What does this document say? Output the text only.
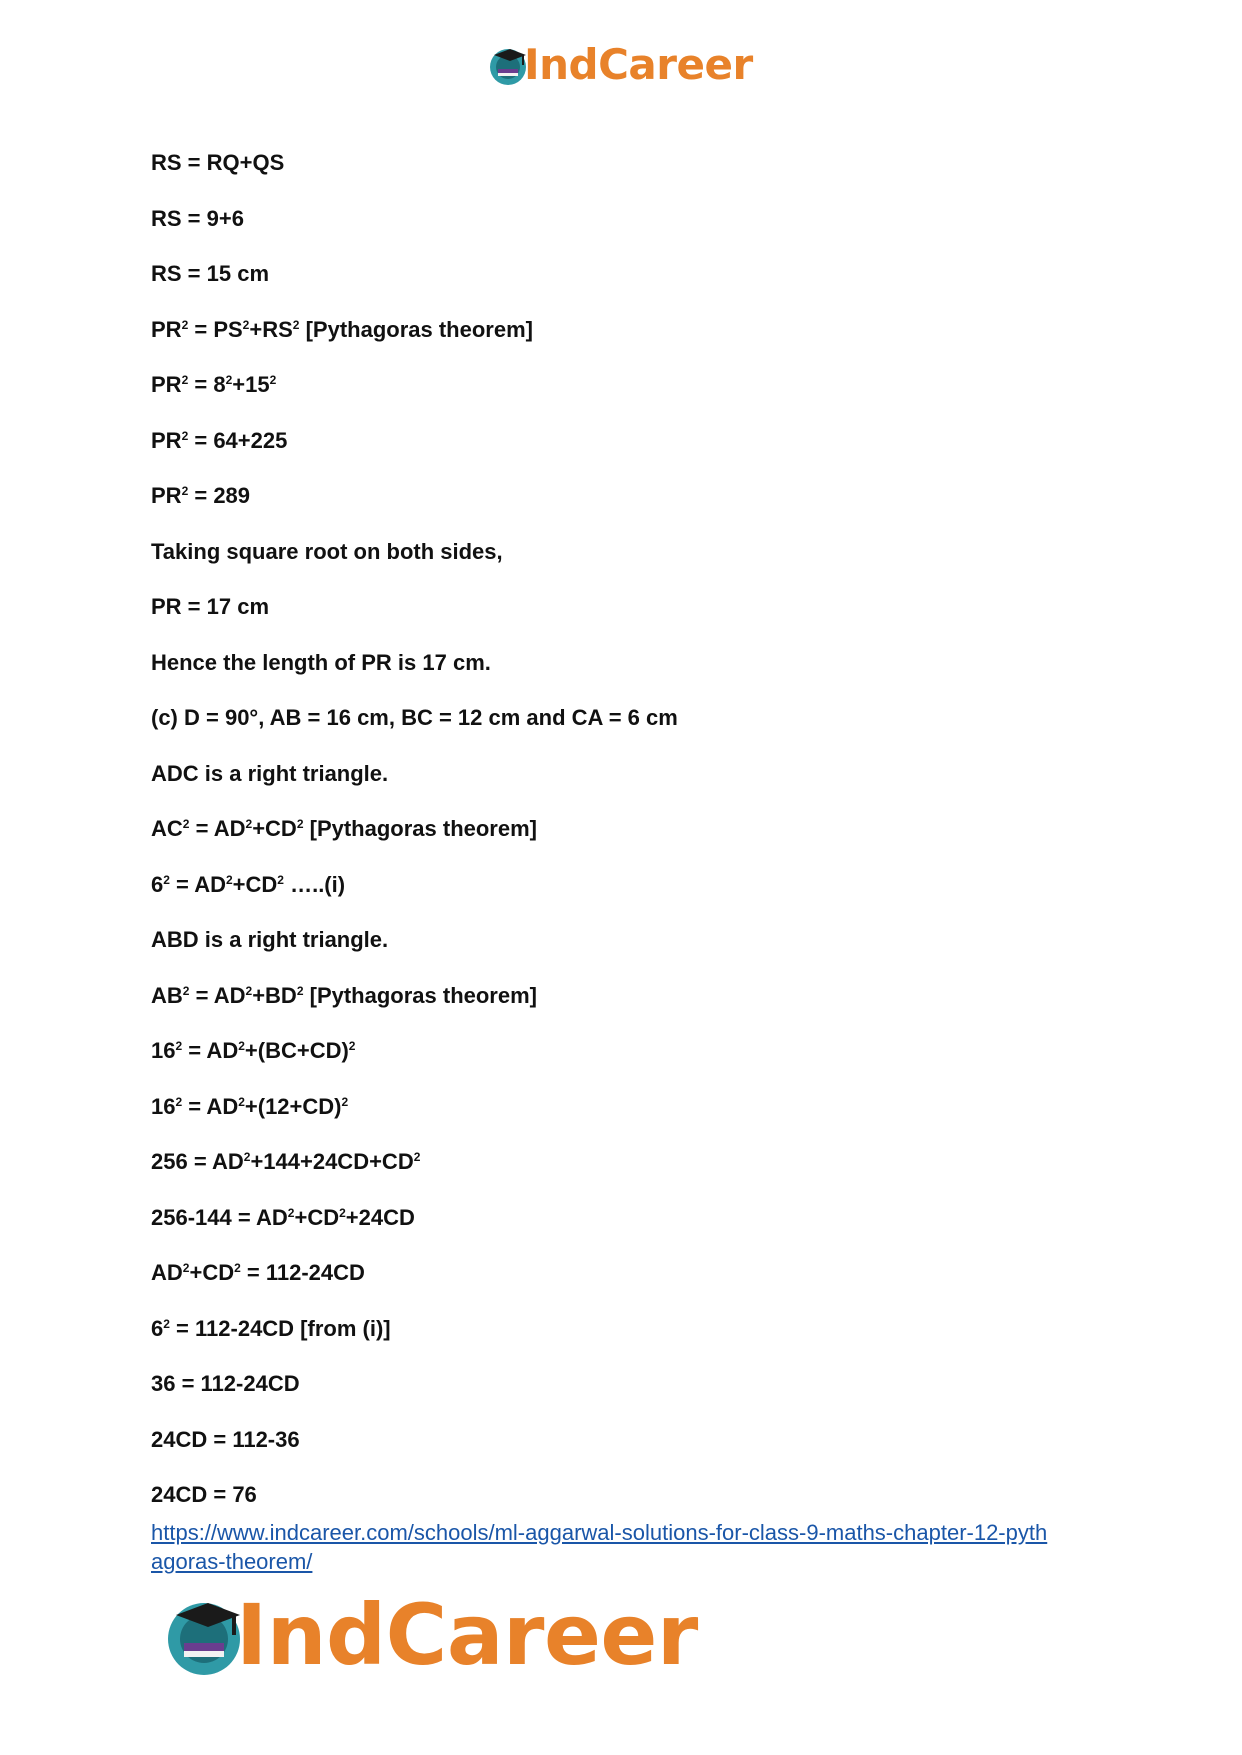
IndCareer
RS = RQ+QS
RS = 9+6
RS = 15 cm
$PR^2 = PS^2+RS^2$ [Pythagoras theorem]
$PR^2 = 8^2+15^2$
$PR^2 = 64+225$
$PR^2 = 289$
Taking square root on both sides,
PR = 17 cm
Hence the length of PR is 17 cm.
(c) D = 90°, AB = 16 cm, BC = 12 cm and CA = 6 cm
ADC is a right triangle.
$AC^2 = AD^2+CD^2$ [Pythagoras theorem]
$6^2 = AD^2+CD^2$ …..(i)
ABD is a right triangle.
$AB^2 = AD^2+BD^2$ [Pythagoras theorem]
$16^2 = AD^2+(BC+CD)^2$
$16^2 = AD^2+(12+CD)^2$
$256 = AD^2+144+24CD+CD^2$
$256-144 = AD^2+CD^2+24CD$
$AD^2+CD^2 = 112-24CD$
$6^2 = 112-24CD$ [from (i)]
36 = 112-24CD
24CD = 112-36
24CD = 76
https://www.indcareer.com/schools/ml-aggarwal-solutions-for-class-9-maths-chapter-12-pyth
agoras-theorem/
IndCareer
